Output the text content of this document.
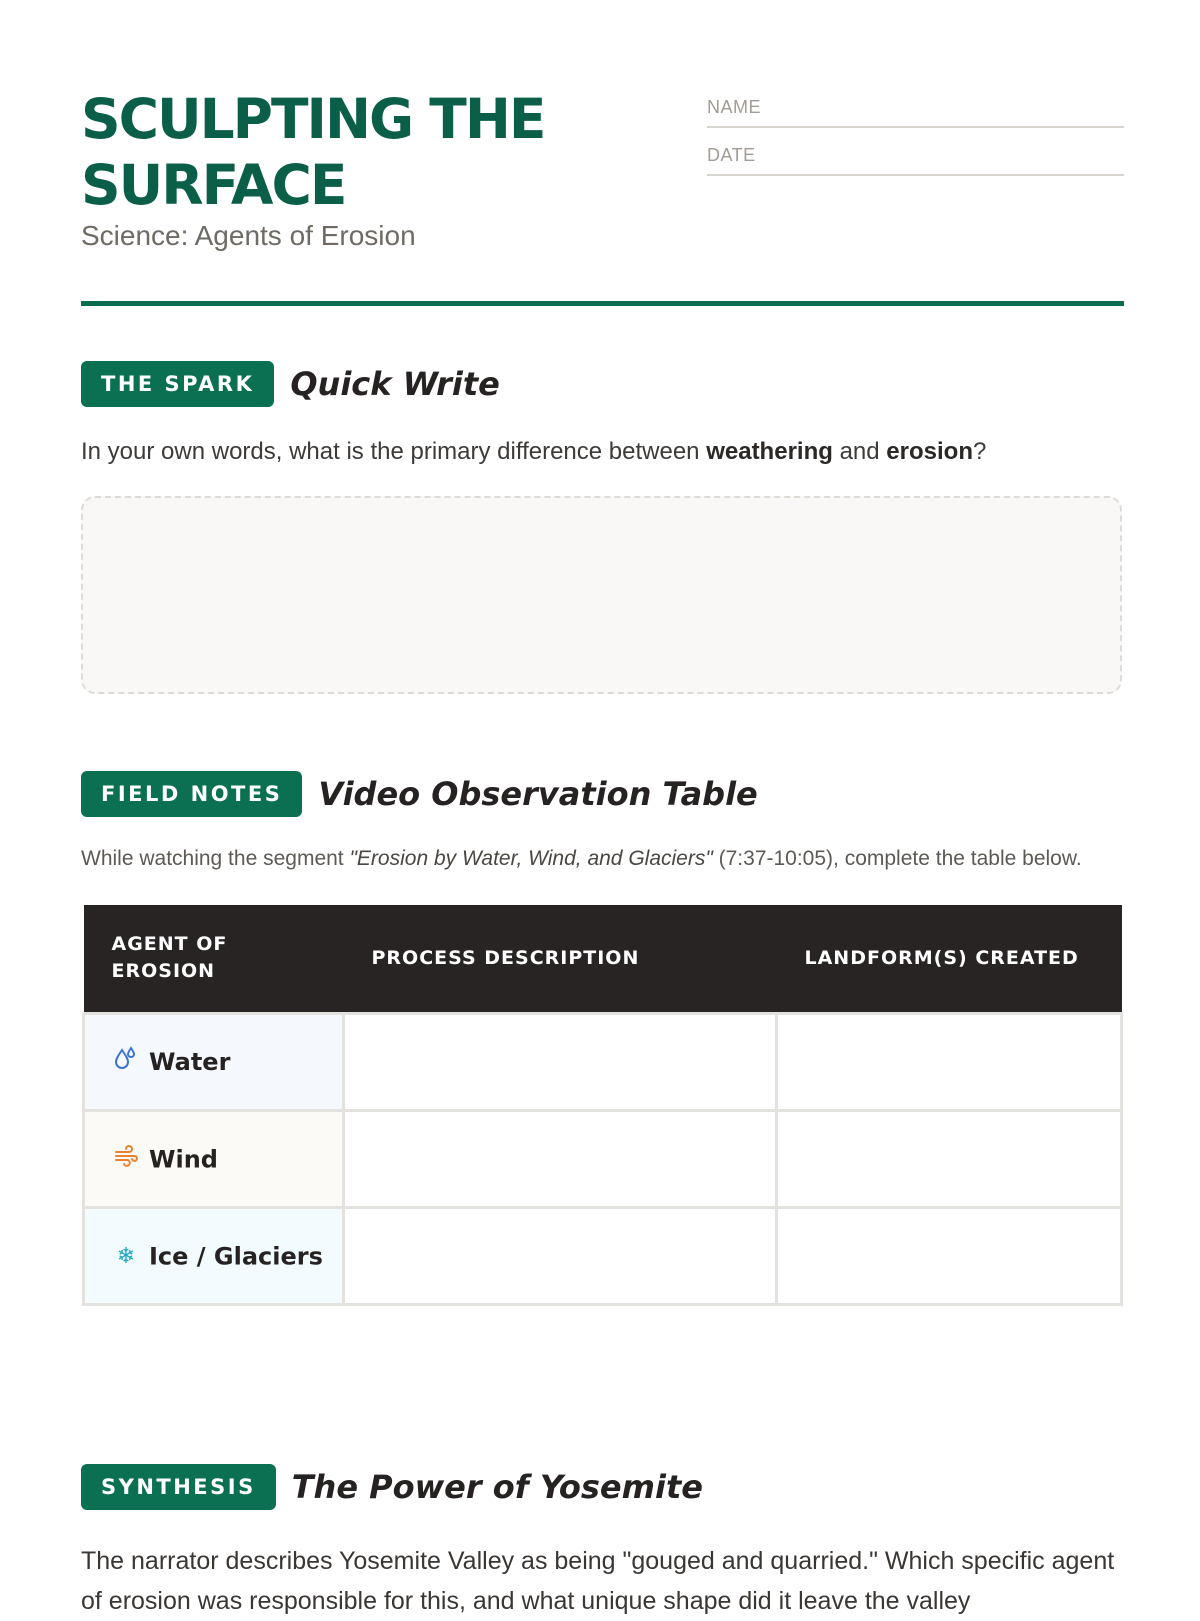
SCULPTING THE SURFACE
Science: Agents of Erosion
NAME
DATE
THE SPARK	Quick Write

In your own words, what is the primary difference between weathering and erosion?

FIELD NOTES	Video Observation Table

While watching the segment "Erosion by Water, Wind, and Glaciers" (7:37-10:05), complete the table below.

AGENT OF EROSION	PROCESS DESCRIPTION	LANDFORM(S) CREATED
Water		
Wind		
❄ Ice / Glaciers		
SYNTHESIS	The Power of Yosemite

The narrator describes Yosemite Valley as being "gouged and quarried." Which specific agent of erosion was responsible for this, and what unique shape did it leave the valley
